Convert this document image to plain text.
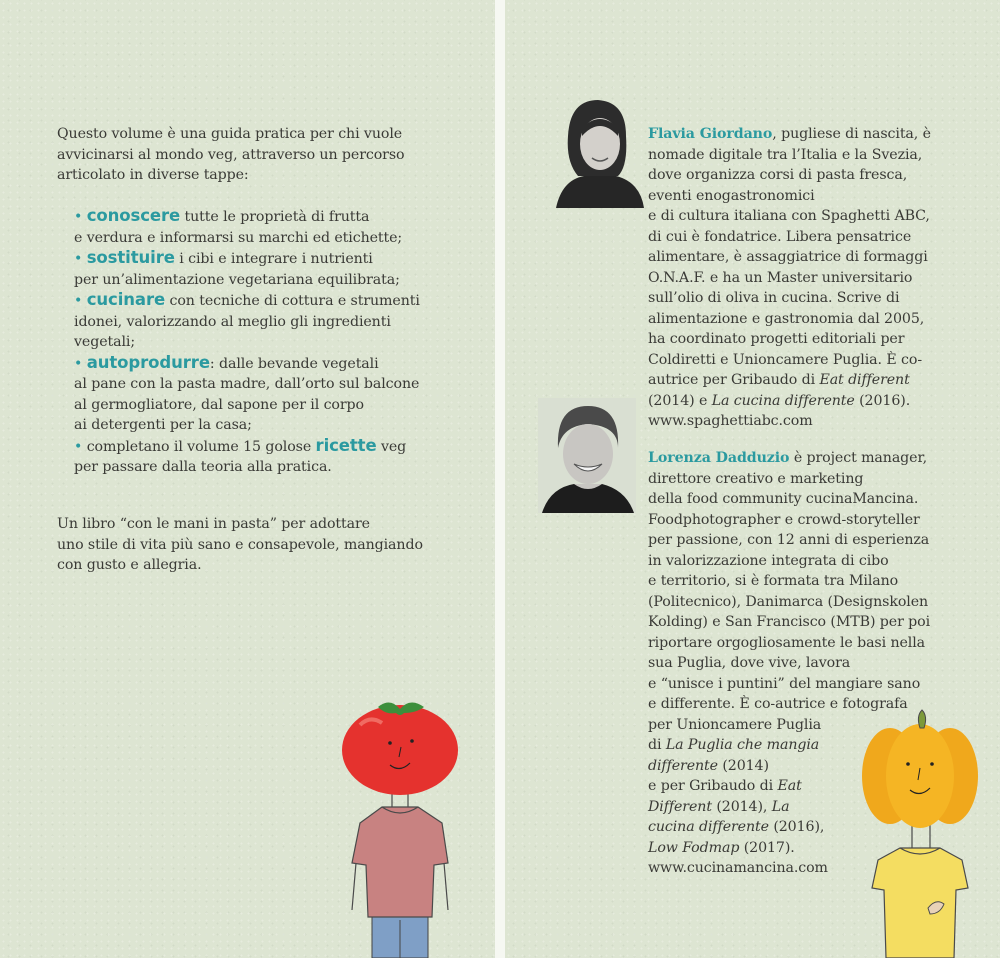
Questo volume è una guida pratica per chi vuole
avvicinarsi al mondo veg, attraverso un percorso
articolato in diverse tappe:
• conoscere tutte le proprietà di frutta
e verdura e informarsi su marchi ed etichette;
• sostituire i cibi e integrare i nutrienti
per un’alimentazione vegetariana equilibrata;
• cucinare con tecniche di cottura e strumenti
idonei, valorizzando al meglio gli ingredienti
vegetali;
• autoprodurre: dalle bevande vegetali
al pane con la pasta madre, dall’orto sul balcone
al germogliatore, dal sapone per il corpo
ai detergenti per la casa;
• completano il volume 15 golose ricette veg
per passare dalla teoria alla pratica.
Un libro “con le mani in pasta” per adottare
uno stile di vita più sano e consapevole, mangiando
con gusto e allegria.
Flavia Giordano, pugliese di nascita, è
nomade digitale tra l’Italia e la Svezia,
dove organizza corsi di pasta fresca,
eventi enogastronomici
e di cultura italiana con Spaghetti ABC,
di cui è fondatrice. Libera pensatrice
alimentare, è assaggiatrice di formaggi
O.N.A.F. e ha un Master universitario
sull’olio di oliva in cucina. Scrive di
alimentazione e gastronomia dal 2005,
ha coordinato progetti editoriali per
Coldiretti e Unioncamere Puglia. È co-
autrice per Gribaudo di Eat different
(2014) e La cucina differente (2016).
www.spaghettiabc.com
Lorenza Dadduzio è project manager,
direttore creativo e marketing
della food community cucinaMancina.
Foodphotographer e crowd-storyteller
per passione, con 12 anni di esperienza
in valorizzazione integrata di cibo
e territorio, si è formata tra Milano
(Politecnico), Danimarca (Designskolen
Kolding) e San Francisco (MTB) per poi
riportare orgogliosamente le basi nella
sua Puglia, dove vive, lavora
e “unisce i puntini” del mangiare sano
e differente. È co-autrice e fotografa
per Unioncamere Puglia
di La Puglia che mangia
differente (2014)
e per Gribaudo di Eat
Different (2014), La
cucina differente (2016),
Low Fodmap (2017).
www.cucinamancina.com
